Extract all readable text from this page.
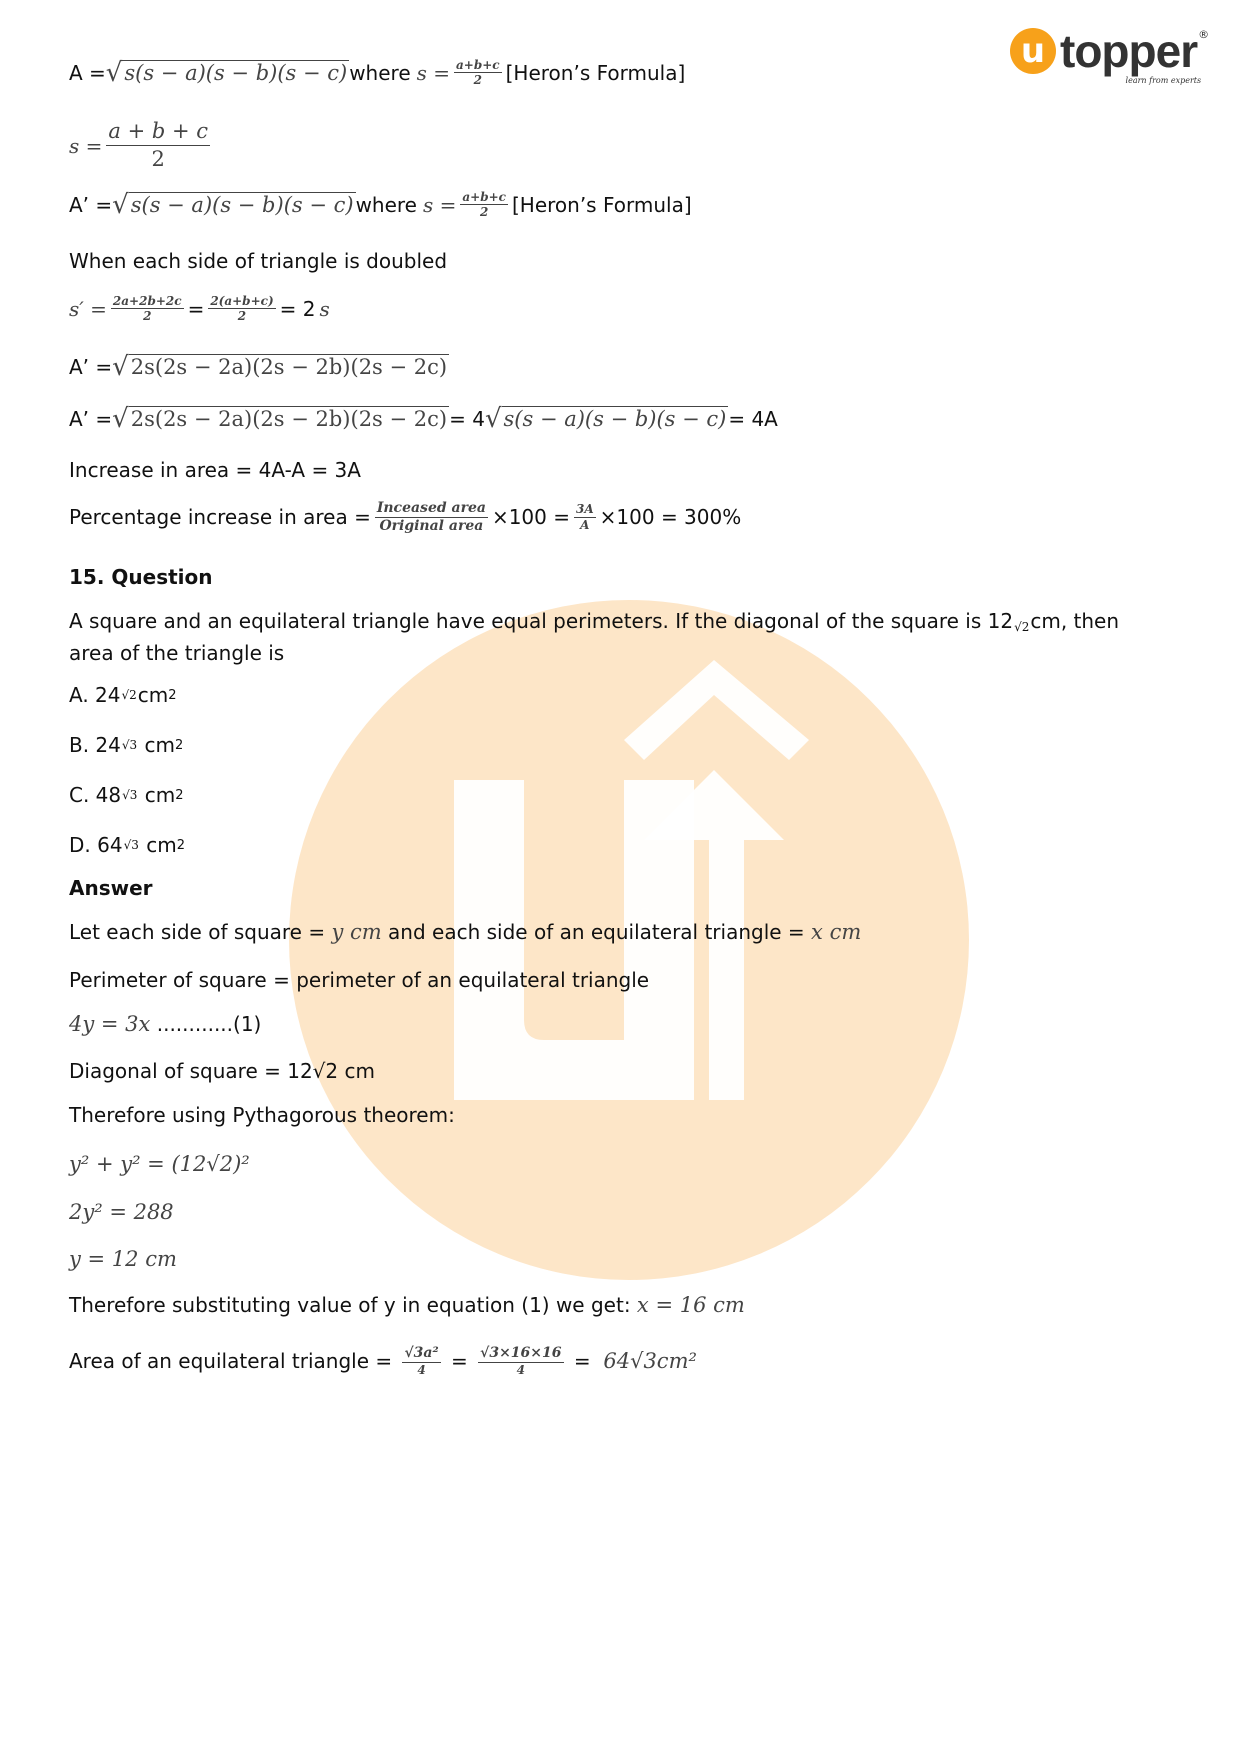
u topper ®
learn from experts
A = √ s(s − a)(s − b)(s − c) where $s = \frac{a+b+c}{2}$ [Heron’s Formula]
$s = \frac{a + b + c}{2}$
A’ = √ s(s − a)(s − b)(s − c) where $s = \frac{a+b+c}{2}$ [Heron’s Formula]
When each side of triangle is doubled
$s' = \frac{2a+2b+2c}{2} = \frac{2(a+b+c)}{2} = 2$ s
A’ = √ 2s(2s − 2a)(2s − 2b)(2s − 2c)
A’ = √ 2s(2s − 2a)(2s − 2b)(2s − 2c) = 4 √ s(s − a)(s − b)(s − c) = 4A
Increase in area = 4A-A = 3A
Percentage increase in area = $\frac{\text{Inceased area}}{\text{Original area}} \times 100 = \frac{3A}{A} \times 100 = 300\%$
15. Question
A square and an equilateral triangle have equal perimeters. If the diagonal of the square is 12√2cm, then area of the triangle is
A. 24 √2 cm 2
B. 24 √3 cm 2
C. 48 √3 cm 2
D. 64 √3 cm 2
Answer
Let each side of square = y cm and each side of an equilateral triangle = x cm
Perimeter of square = perimeter of an equilateral triangle
4y = 3x ............(1)
Diagonal of square = 12√2 cm
Therefore using Pythagorous theorem:
y² + y² = (12√2)²
2y² = 288
y = 12 cm
Therefore substituting value of y in equation (1) we get: x = 16 cm
Area of an equilateral triangle = $\frac{\text{√3a²}}{4} = \frac{√3\times 16\times 16}{4} = 64√3cm^2$
